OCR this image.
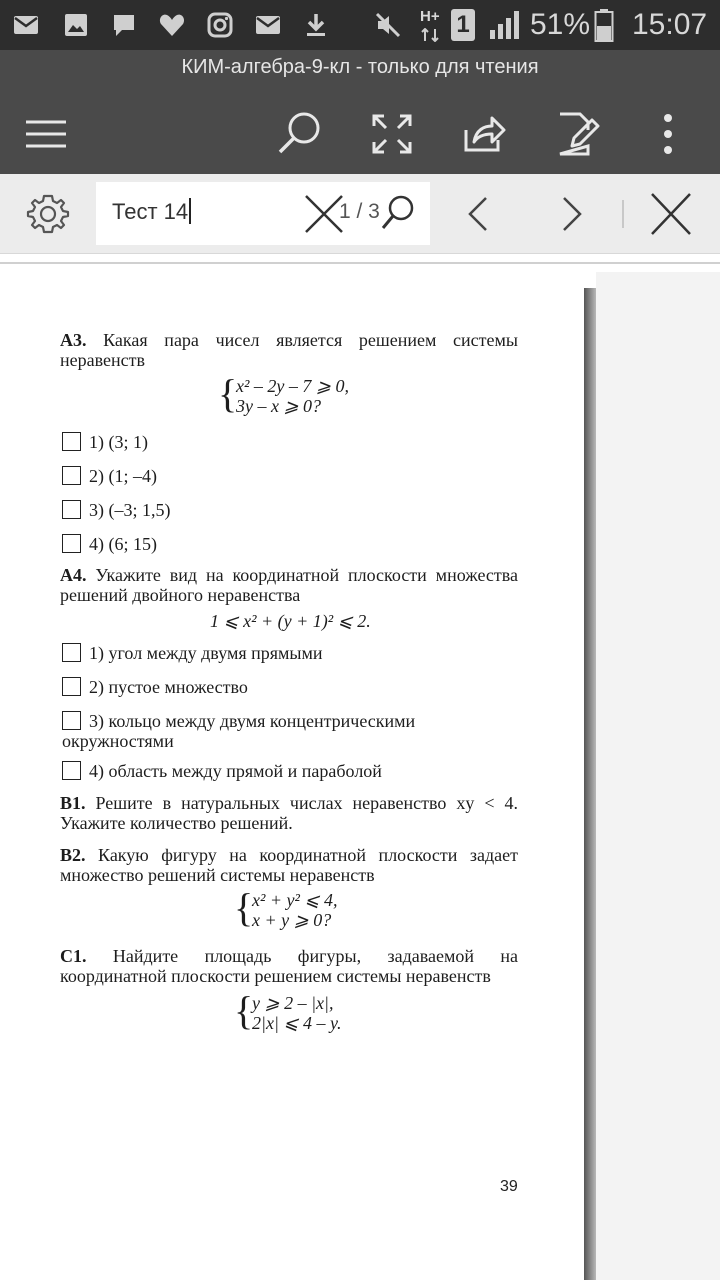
H+ 1 51% 15:07
КИМ-алгебра-9-кл - только для чтения
Тест 14	1 / 3
А3. Какая пара чисел является решением системы неравенств
{
x² – 2y – 7 ⩾ 0,
3y – x ⩾ 0?
1) (3; 1)
2) (1; –4)
3) (–3; 1,5)
4) (6; 15)
А4. Укажите вид на координатной плоскости множества решений двойного неравенства
1 ⩽ x² + (y + 1)² ⩽ 2.
1) угол между двумя прямыми
2) пустое множество
3) кольцо между двумя концентрическими окружностями
4) область между прямой и параболой
В1. Решите в натуральных числах неравенство xy < 4. Укажите количество решений.
В2. Какую фигуру на координатной плоскости задает множество решений системы неравенств
{
x² + y² ⩽ 4,
x + y ⩾ 0?
С1. Найдите площадь фигуры, задаваемой на координатной плоскости решением системы неравенств
{
y ⩾ 2 – |x|,
2|x| ⩽ 4 – y.
39
